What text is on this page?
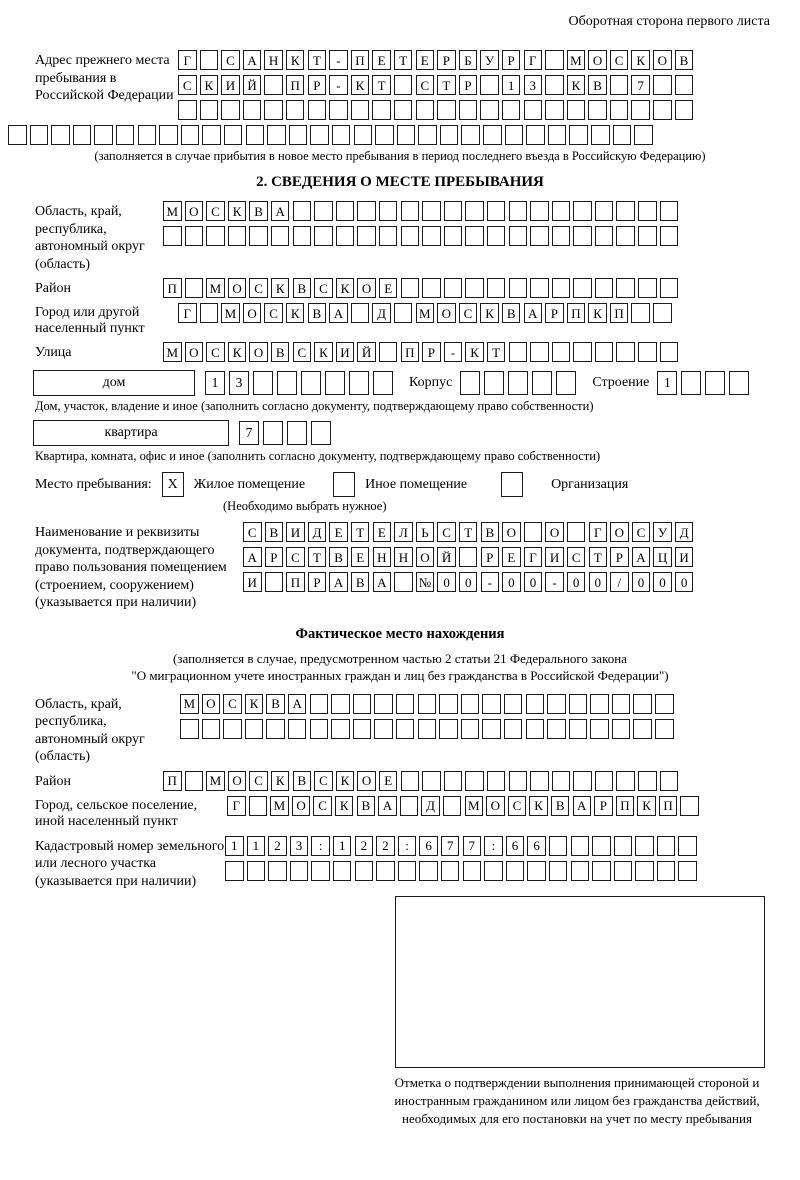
Оборотная сторона первого листа
Адрес прежнего места пребывания в Российской Федерации
Г	С А Н К	Т	-	П Е	Т	Е	Р	Б	У	Р	Г	М О С К О В
С К И Й	П	Р	-	К	Т	С	Т	Р	1	3	К В	7
(заполняется в случае прибытия в новое место пребывания в период последнего въезда в Российскую Федерацию)
2. СВЕДЕНИЯ О МЕСТЕ ПРЕБЫВАНИЯ
Область, край, республика, автономный округ (область)
М О С К В А
Район	П	М О С К В С К О Е
Город или другой населенный пункт
Г	М О С К В А	Д	М О С К В А	Р	П К П
Улица	М О С К О В С К И Й	П	Р	-	К	Т
дом	1	3	Корпус	Строение	1
Дом, участок, владение и иное (заполнить согласно документу, подтверждающему право собственности)
квартира	7
Квартира, комната, офис и иное (заполнить согласно документу, подтверждающему право собственности)
Место пребывания:	X	Жилое помещение	Иное помещение	Организация
(Необходимо выбрать нужное)
Наименование и реквизиты документа, подтверждающего право пользования помещением (строением, сооружением) (указывается при наличии)
С В И Д	Е	Т	Е	Л	Ь	С	Т	В О	О	Г	О С У Д
А	Р	С	Т	В	Е Н Н О Й	Р	Е	Г	И С	Т	Р	А Ц И
И	П	Р	А В А	№ 0	0	-	0	0	-	0	0	/	0	0	0
Фактическое место нахождения
(заполняется в случае, предусмотренном частью 2 статьи 21 Федерального закона
"О миграционном учете иностранных граждан и лиц без гражданства в Российской Федерации")
Область, край, республика, автономный округ (область)
М О С К В А
Район	П	М О С К В С К О Е
Город, сельское поселение, иной населенный пункт
Г	М О С К В А	Д	М О С К В А	Р	П К П
Кадастровый номер земельного или лесного участка (указывается при наличии)
1	1	2	3	:	1	2	2	:	6	7	7	:	6	6
Отметка о подтверждении выполнения принимающей стороной и иностранным гражданином или лицом без гражданства действий, необходимых для его постановки на учет по месту пребывания
